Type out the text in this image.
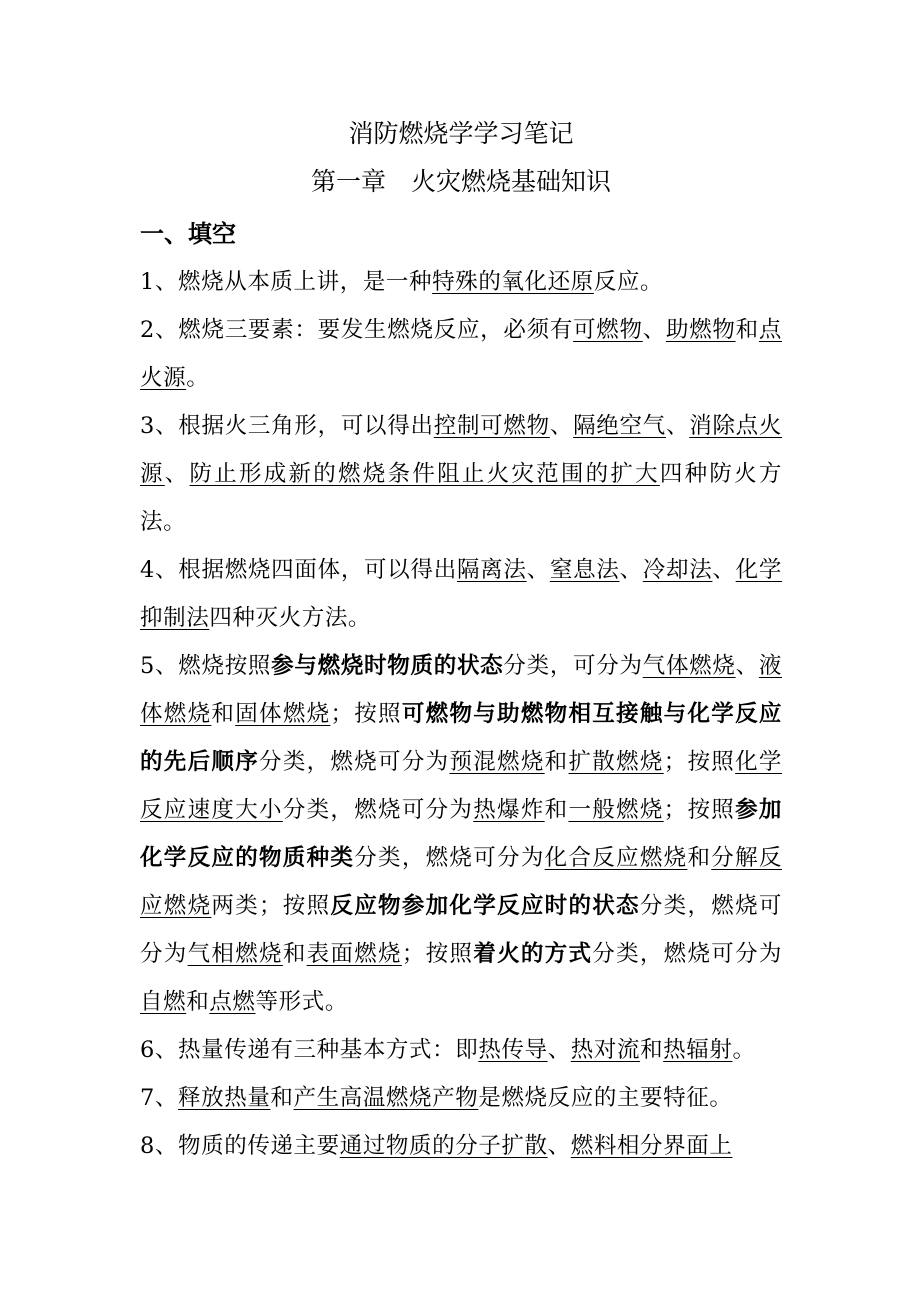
消防燃烧学学习笔记
第一章　火灾燃烧基础知识
一、填空

1、燃烧从本质上讲，是一种特殊的氧化还原反应。

2、燃烧三要素：要发生燃烧反应，必须有可燃物、助燃物和点火源。

3、根据火三角形，可以得出控制可燃物、隔绝空气、消除点火源、防止形成新的燃烧条件阻止火灾范围的扩大四种防火方法。

4、根据燃烧四面体，可以得出隔离法、窒息法、冷却法、化学抑制法四种灭火方法。

5、燃烧按照参与燃烧时物质的状态分类，可分为气体燃烧、液体燃烧和固体燃烧；按照可燃物与助燃物相互接触与化学反应的先后顺序分类，燃烧可分为预混燃烧和扩散燃烧；按照化学反应速度大小分类，燃烧可分为热爆炸和一般燃烧；按照参加化学反应的物质种类分类，燃烧可分为化合反应燃烧和分解反应燃烧两类；按照反应物参加化学反应时的状态分类，燃烧可分为气相燃烧和表面燃烧；按照着火的方式分类，燃烧可分为自燃和点燃等形式。

6、热量传递有三种基本方式：即热传导、热对流和热辐射。

7、释放热量和产生高温燃烧产物是燃烧反应的主要特征。

8、物质的传递主要通过物质的分子扩散、燃料相分界面上
